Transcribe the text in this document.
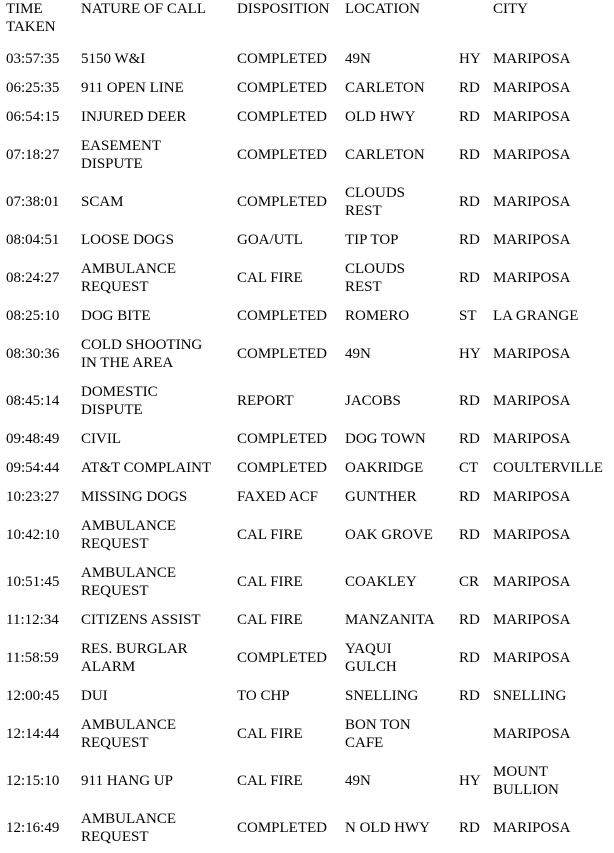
TIME
TAKEN	NATURE OF CALL	DISPOSITION	LOCATION		CITY
03:57:35	5150 W&I	COMPLETED	49N	HY	MARIPOSA
06:25:35	911 OPEN LINE	COMPLETED	CARLETON	RD	MARIPOSA
06:54:15	INJURED DEER	COMPLETED	OLD HWY	RD	MARIPOSA
07:18:27	EASEMENT
DISPUTE	COMPLETED	CARLETON	RD	MARIPOSA
07:38:01	SCAM	COMPLETED	CLOUDS
REST	RD	MARIPOSA
08:04:51	LOOSE DOGS	GOA/UTL	TIP TOP	RD	MARIPOSA
08:24:27	AMBULANCE
REQUEST	CAL FIRE	CLOUDS
REST	RD	MARIPOSA
08:25:10	DOG BITE	COMPLETED	ROMERO	ST	LA GRANGE
08:30:36	COLD SHOOTING
IN THE AREA	COMPLETED	49N	HY	MARIPOSA
08:45:14	DOMESTIC
DISPUTE	REPORT	JACOBS	RD	MARIPOSA
09:48:49	CIVIL	COMPLETED	DOG TOWN	RD	MARIPOSA
09:54:44	AT&T COMPLAINT	COMPLETED	OAKRIDGE	CT	COULTERVILLE
10:23:27	MISSING DOGS	FAXED ACF	GUNTHER	RD	MARIPOSA
10:42:10	AMBULANCE
REQUEST	CAL FIRE	OAK GROVE	RD	MARIPOSA
10:51:45	AMBULANCE
REQUEST	CAL FIRE	COAKLEY	CR	MARIPOSA
11:12:34	CITIZENS ASSIST	CAL FIRE	MANZANITA	RD	MARIPOSA
11:58:59	RES. BURGLAR
ALARM	COMPLETED	YAQUI
GULCH	RD	MARIPOSA
12:00:45	DUI	TO CHP	SNELLING	RD	SNELLING
12:14:44	AMBULANCE
REQUEST	CAL FIRE	BON TON
CAFE		MARIPOSA
12:15:10	911 HANG UP	CAL FIRE	49N	HY	MOUNT
BULLION
12:16:49	AMBULANCE
REQUEST	COMPLETED	N OLD HWY	RD	MARIPOSA
